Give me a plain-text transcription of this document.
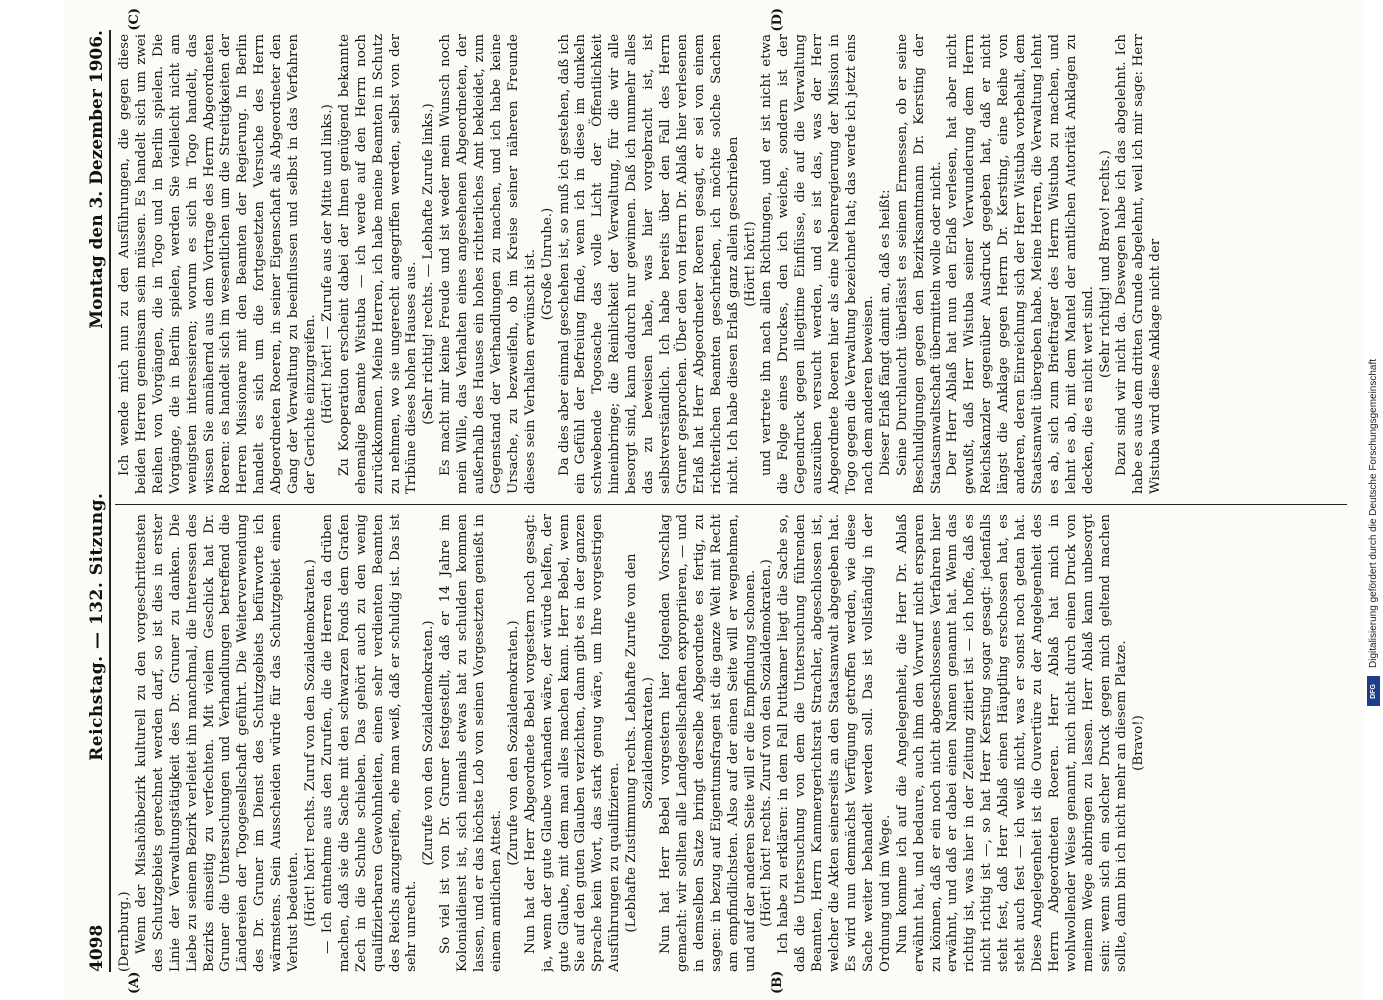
4098
Reichstag. — 132. Sitzung.
Montag den 3. Dezember 1906.
(A)	(B)
(C)	(D)

(Dernburg.) Wenn der Misahöhbezirk kulturell zu den vorgeschrittensten des Schutzgebiets gerechnet werden darf, so ist dies in erster Linie der Verwaltungstätigkeit des Dr. Gruner zu danken. Die Liebe zu seinem Bezirk verleitet ihn manchmal, die Interessen des Bezirks einseitig zu verfechten. Mit vielem Geschick hat Dr. Gruner die Untersuchungen und Verhandlungen betreffend die Ländereien der Togogesellschaft geführt. Die Weiterverwendung des Dr. Gruner im Dienst des Schutzgebiets befürworte ich wärmstens. Sein Ausscheiden würde für das Schutzgebiet einen Verlust bedeuten. (Hört! hört! rechts. Zuruf von den Sozialdemokraten.) — Ich entnehme aus den Zurufen, die die Herren da drüben machen, daß sie die Sache mit den schwarzen Fonds dem Grafen Zech in die Schuhe schieben. Das gehört auch zu den wenig qualifizierbaren Gewohnheiten, einen sehr verdienten Beamten des Reichs anzugreifen, ehe man weiß, daß er schuldig ist. Das ist sehr unrecht.

(Zurufe von den Sozialdemokraten.) So viel ist von Dr. Gruner festgestellt, daß er 14 Jahre im Kolonialdienst ist, sich niemals etwas hat zu schulden kommen lassen, und er das höchste Lob von seinen Vorgesetzten genießt in einem amtlichen Attest.

(Zurufe von den Sozialdemokraten.) Nun hat der Herr Abgeordnete Bebel vorgestern noch gesagt: ja, wenn der gute Glaube vorhanden wäre, der würde helfen, der gute Glaube, mit dem man alles machen kann. Herr Bebel, wenn Sie auf den guten Glauben verzichten, dann gibt es in der ganzen Sprache kein Wort, das stark genug wäre, um Ihre vorgestrigen Ausführungen zu qualifizieren. (Lebhafte Zustimmung rechts. Lebhafte Zurufe von den Sozialdemokraten.) Nun hat Herr Bebel vorgestern hier folgenden Vorschlag gemacht: wir sollten alle Landgesellschaften expropriieren, — und in demselben Satze bringt derselbe Abgeordnete es fertig, zu sagen: in bezug auf Eigentumsfragen ist die ganze Welt mit Recht am empfindlichsten. Also auf der einen Seite will er wegnehmen, und auf der anderen Seite will er die Empfindung schonen. (Hört! hört! rechts. Zuruf von den Sozialdemokraten.) Ich habe zu erklären: in dem Fall Puttkamer liegt die Sache so, daß die Untersuchung von dem die Untersuchung führenden Beamten, Herrn Kammergerichtsrat Strachler, abgeschlossen ist, welcher die Akten seinerseits an den Staatsanwalt abgegeben hat. Es wird nun demnächst Verfügung getroffen werden, wie diese Sache weiter behandelt werden soll. Das ist vollständig in der Ordnung und im Wege. Nun komme ich auf die Angelegenheit, die Herr Dr. Ablaß erwähnt hat, und bedaure, auch ihm den Vorwurf nicht ersparen zu können, daß er ein noch nicht abgeschlossenes Verfahren hier erwähnt, und daß er dabei einen Namen genannt hat. Wenn das richtig ist, was hier in der Zeitung zitiert ist — ich hoffe, daß es nicht richtig ist —, so hat Herr Kersting sogar gesagt: jedenfalls steht fest, daß Herr Ablaß einen Häuptling erschossen hat, es steht auch fest — ich weiß nicht, was er sonst noch getan hat. Diese Angelegenheit ist die Ouvertüre zu der Angelegenheit des Herrn Abgeordneten Roeren. Herr Ablaß hat mich in wohlwollender Weise genannt, mich nicht durch einen Druck von meinem Wege abbringen zu lassen. Herr Ablaß kann unbesorgt sein: wenn sich ein solcher Druck gegen mich geltend machen sollte, dann bin ich nicht mehr an diesem Platze. (Bravo!)

Ich wende mich nun zu den Ausführungen, die gegen diese beiden Herren gemeinsam sein müssen. Es handelt sich um zwei Reihen von Vorgängen, die in Togo und in Berlin spielen. Die Vorgänge, die in Berlin spielen, werden Sie vielleicht nicht am wenigsten interessieren; worum es sich in Togo handelt, das wissen Sie annähernd aus dem Vortrage des Herrn Abgeordneten Roeren: es handelt sich im wesentlichen um die Streitigkeiten der Herren Missionare mit den Beamten der Regierung. In Berlin handelt es sich um die fortgesetzten Versuche des Herrn Abgeordneten Roeren, in seiner Eigenschaft als Abgeordneter den Gang der Verwaltung zu beeinflussen und selbst in das Verfahren der Gerichte einzugreifen. (Hört! hört! — Zurufe aus der Mitte und links.) Zu Kooperation erscheint dabei der Ihnen genügend bekannte ehemalige Beamte Wistuba — ich werde auf den Herrn noch zurückkommen. Meine Herren, ich habe meine Beamten in Schutz zu nehmen, wo sie ungerecht angegriffen werden, selbst von der Tribüne dieses hohen Hauses aus. (Sehr richtig! rechts. — Lebhafte Zurufe links.) Es macht mir keine Freude und ist weder mein Wunsch noch mein Wille, das Verhalten eines angesehenen Abgeordneten, der außerhalb des Hauses ein hohes richterliches Amt bekleidet, zum Gegenstand der Verhandlungen zu machen, und ich habe keine Ursache, zu bezweifeln, ob im Kreise seiner näheren Freunde dieses sein Verhalten erwünscht ist. (Große Unruhe.) Da dies aber einmal geschehen ist, so muß ich gestehen, daß ich ein Gefühl der Befreiung finde, wenn ich in diese im dunkeln schwebende Togosache das volle Licht der Öffentlichkeit hineinbringe; die Reinlichkeit der Verwaltung, für die wir alle besorgt sind, kann dadurch nur gewinnen. Daß ich nunmehr alles das zu beweisen habe, was hier vorgebracht ist, ist selbstverständlich. Ich habe bereits über den Fall des Herrn Gruner gesprochen. Über den von Herrn Dr. Ablaß hier verlesenen Erlaß hat Herr Abgeordneter Roeren gesagt, er sei von einem richterlichen Beamten geschrieben, ich möchte solche Sachen nicht. Ich habe diesen Erlaß ganz allein geschrieben (Hört! hört!) und vertrete ihn nach allen Richtungen, und er ist nicht etwa die Folge eines Druckes, den ich weiche, sondern ist der Gegendruck gegen illegitime Einflüsse, die auf die Verwaltung auszuüben versucht werden, und es ist das, was der Herr Abgeordnete Roeren hier als eine Nebenregierung der Mission in Togo gegen die Verwaltung bezeichnet hat; das werde ich jetzt eins nach dem anderen beweisen. Dieser Erlaß fängt damit an, daß es heißt: Seine Durchlaucht überlässt es seinem Ermessen, ob er seine Beschuldigungen gegen den Bezirksamtmann Dr. Kersting der Staatsanwaltschaft übermitteln wolle oder nicht. Der Herr Ablaß hat nun den Erlaß verlesen, hat aber nicht gewußt, daß Herr Wistuba seiner Verwunderung dem Herrn Reichskanzler gegenüber Ausdruck gegeben hat, daß er nicht längst die Anklage gegen Herrn Dr. Kersting, eine Reihe von anderen, deren Einreichung sich der Herr Wistuba vorbehalt, dem Staatsanwalt übergeben habe. Meine Herren, die Verwaltung lehnt es ab, sich zum Briefträger des Herrn Wistuba zu machen, und lehnt es ab, mit dem Mantel der amtlichen Autorität Anklagen zu decken, die es nicht wert sind.

(Sehr richtig! und Bravo! rechts.) Dazu sind wir nicht da. Deswegen habe ich das abgelehnt. Ich habe es aus dem dritten Grunde abgelehnt, weil ich mir sage: Herr Wistuba wird diese Anklage nicht der	Digitalisierung gefördert durch die Deutsche Forschungsgemeinschaft
DFG
